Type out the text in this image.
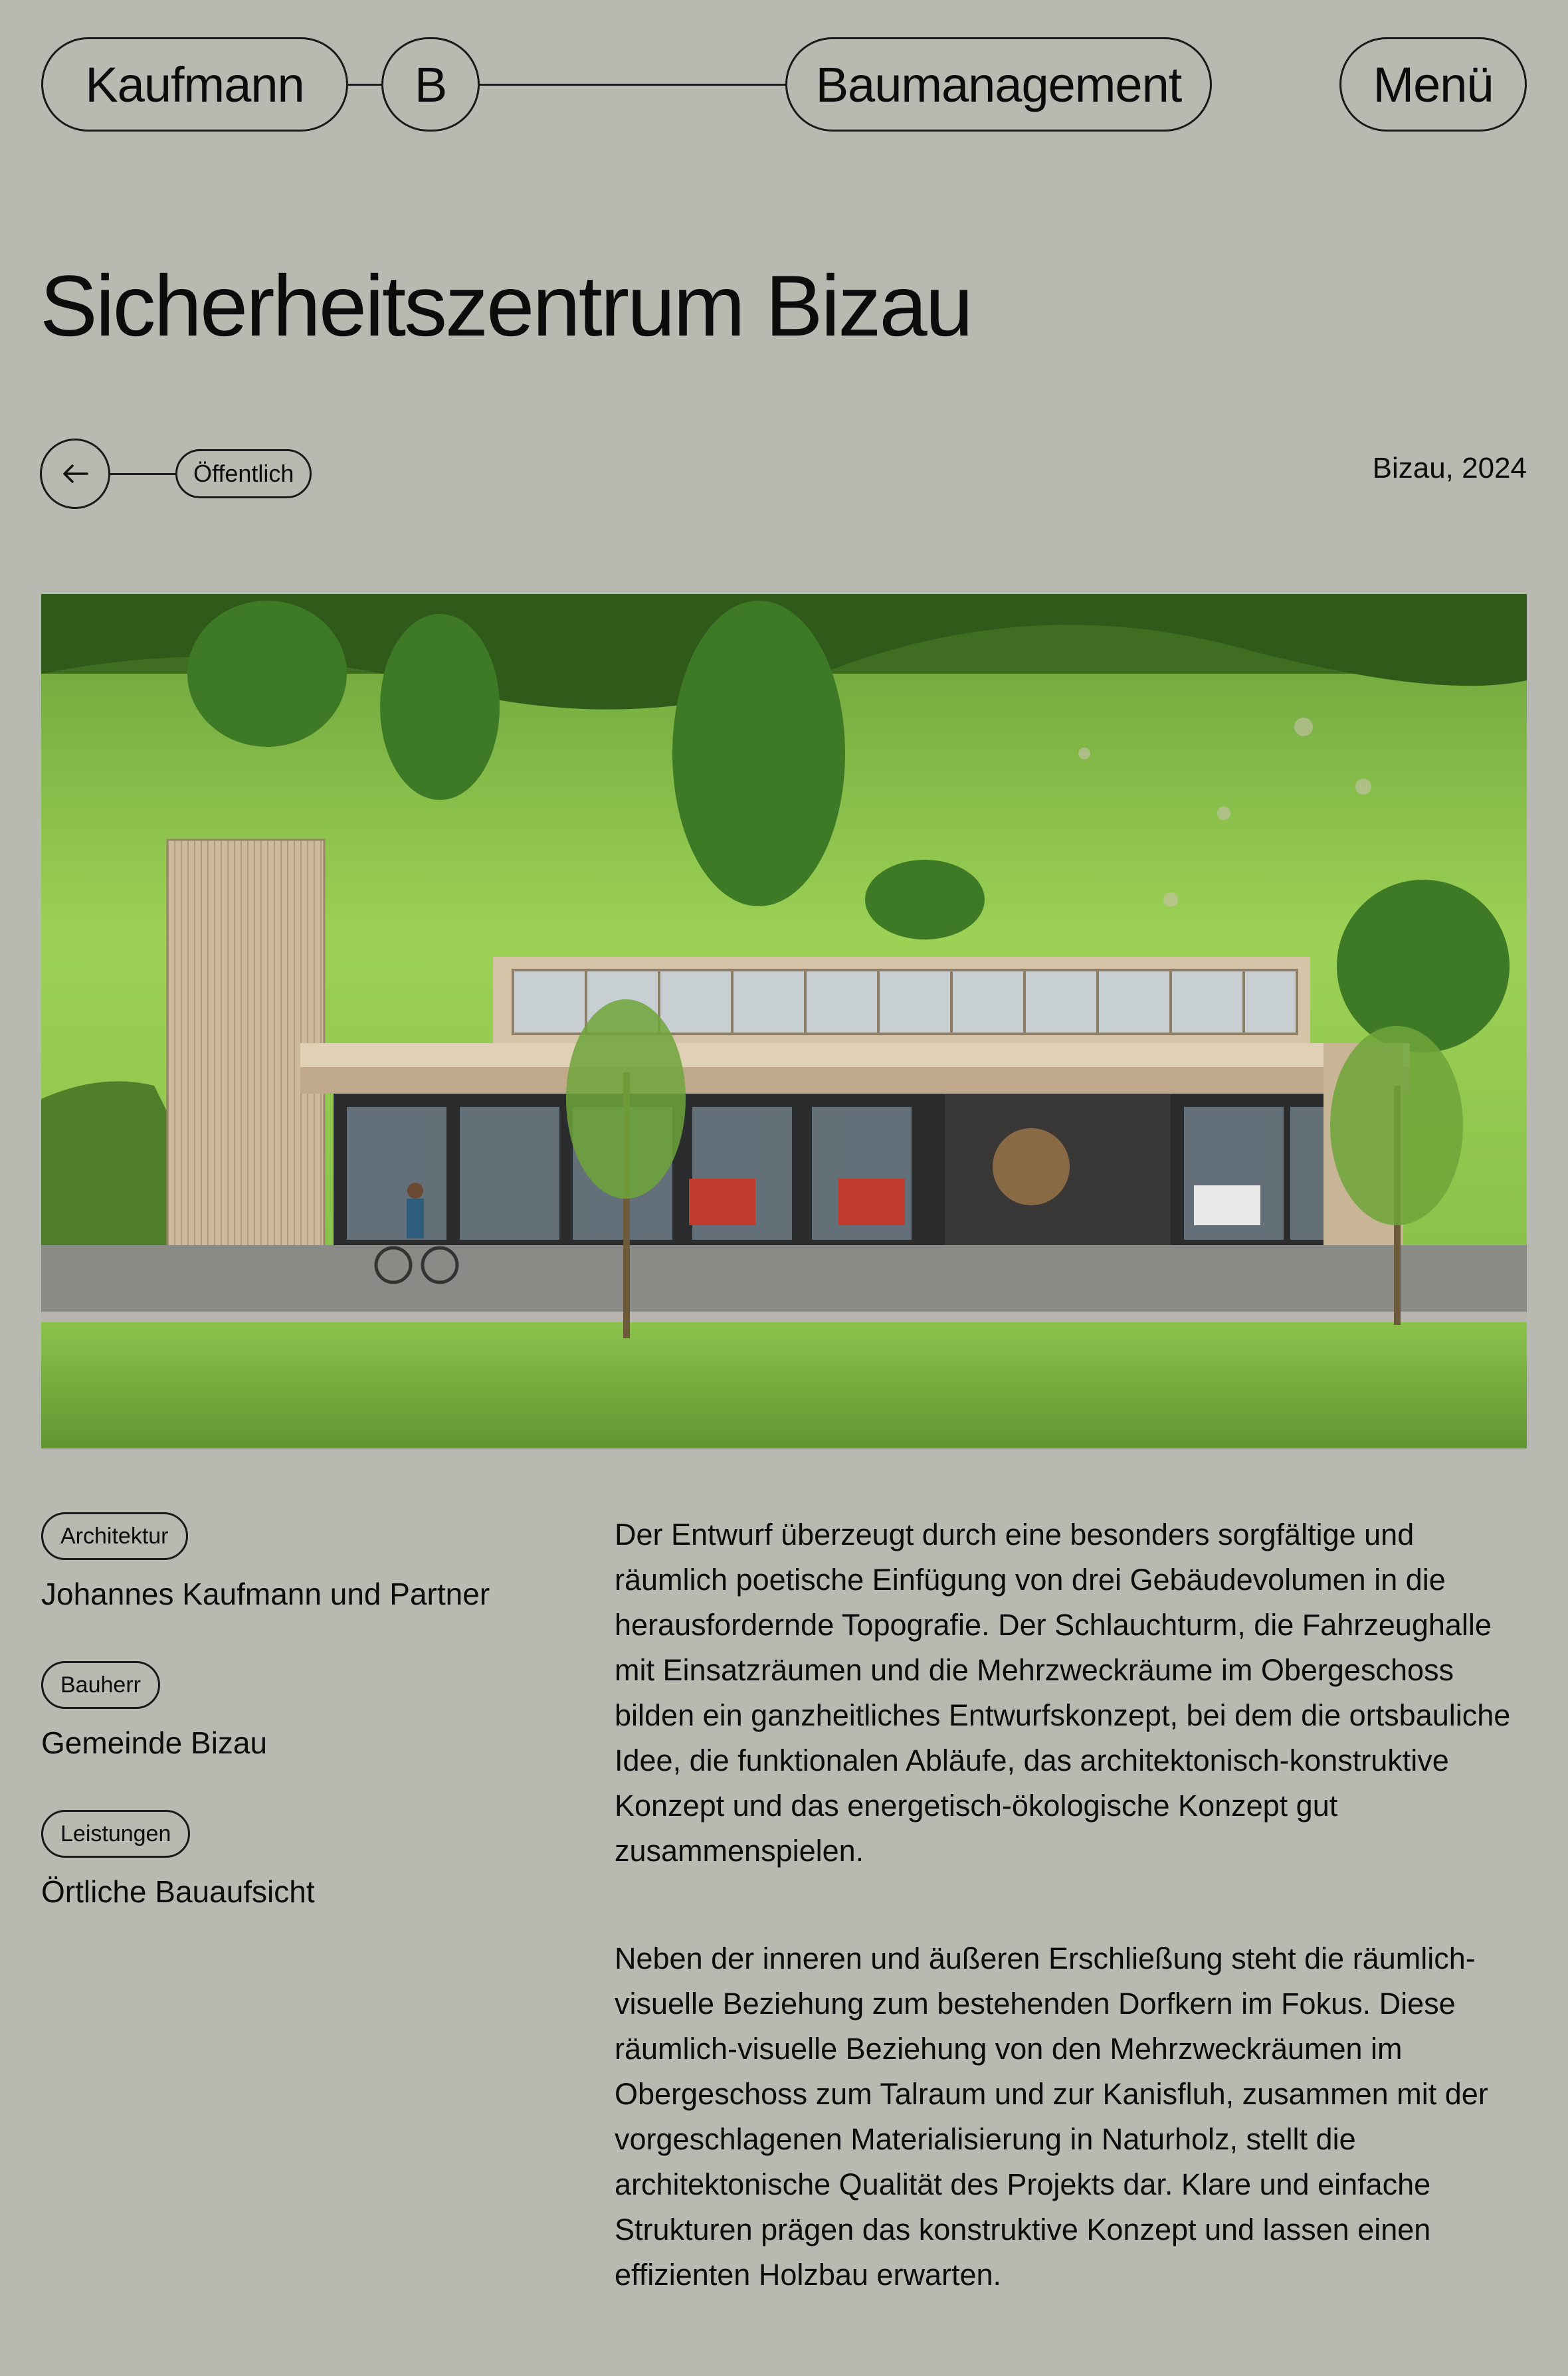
Kaufmann	B	Baumanagement	Menü
Sicherheitszentrum Bizau
Öffentlich	Bizau, 2024
Architektur
Johannes Kaufmann und Partner
Bauherr
Gemeinde Bizau
Leistungen
Örtliche Bauaufsicht

Der Entwurf überzeugt durch eine besonders sorgfältige und räumlich poetische Einfügung von drei Gebäudevolumen in die herausfordernde Topografie. Der Schlauchturm, die Fahrzeughalle mit Einsatzräumen und die Mehrzweckräume im Obergeschoss bilden ein ganzheitliches Entwurfskonzept, bei dem die ortsbauliche Idee, die funktionalen Abläufe, das architektonisch-konstruktive Konzept und das energetisch-ökologische Konzept gut zusammenspielen.

Neben der inneren und äußeren Erschließung steht die räumlich-visuelle Beziehung zum bestehenden Dorfkern im Fokus. Diese räumlich-visuelle Beziehung von den Mehrzweckräumen im Obergeschoss zum Talraum und zur Kanisfluh, zusammen mit der vorgeschlagenen Materialisierung in Naturholz, stellt die architektonische Qualität des Projekts dar. Klare und einfache Strukturen prägen das konstruktive Konzept und lassen einen effizienten Holzbau erwarten.
